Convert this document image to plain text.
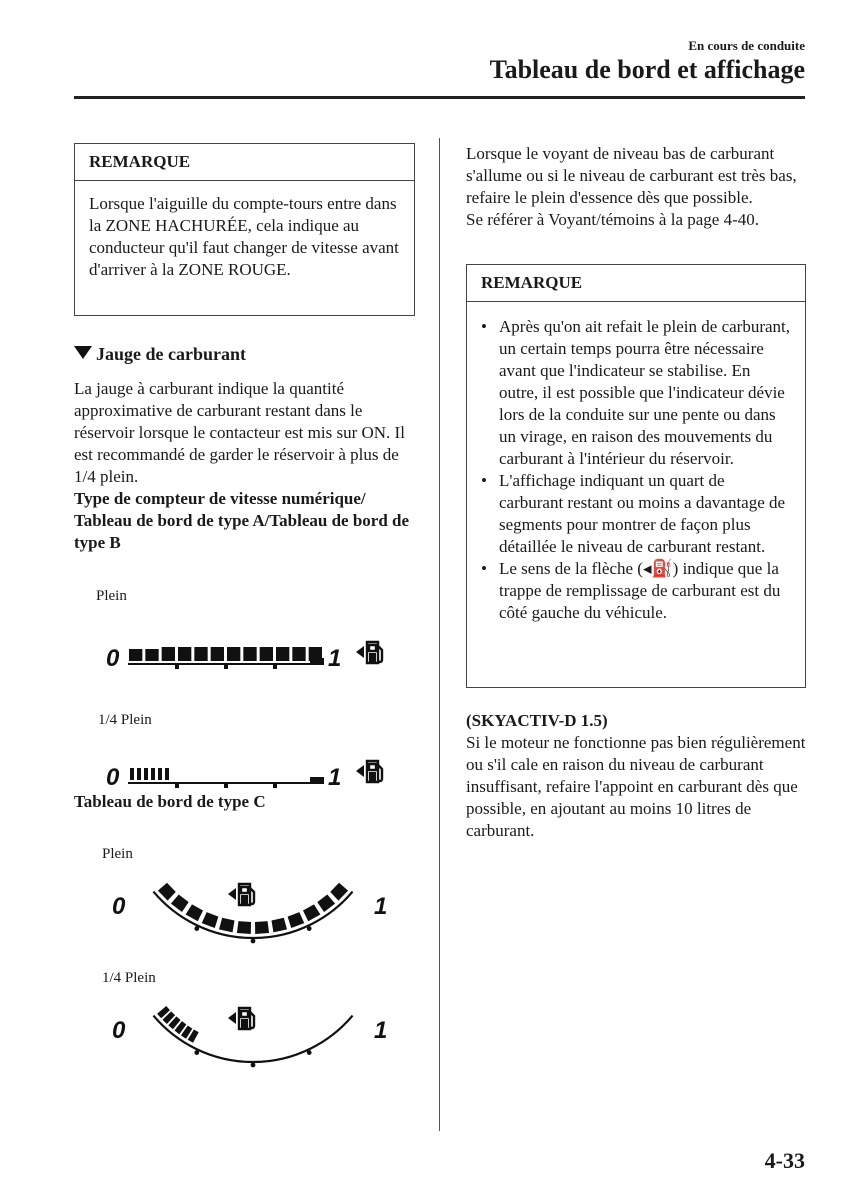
En cours de conduite
Tableau de bord et affichage
REMARQUE
Lorsque l'aiguille du compte-tours entre dans la ZONE HACHURÉE, cela indique au conducteur qu'il faut changer de vitesse avant d'arriver à la ZONE ROUGE.
Jauge de carburant

La jauge à carburant indique la quantité approximative de carburant restant dans le réservoir lorsque le contacteur est mis sur ON. Il est recommandé de garder le réservoir à plus de 1/4 plein.

Type de compteur de vitesse numérique/ Tableau de bord de type A/Tableau de bord de type B

Plein
0	1
1/4 Plein
0	1
Tableau de bord de type C
Plein
0	1
1/4 Plein
0	1

Lorsque le voyant de niveau bas de carburant s'allume ou si le niveau de carburant est très bas, refaire le plein d'essence dès que possible.

Se référer à Voyant/témoins à la page 4-40.

REMARQUE
• Après qu'on ait refait le plein de carburant, un certain temps pourra être nécessaire avant que l'indicateur se stabilise. En outre, il est possible que l'indicateur dévie lors de la conduite sur une pente ou dans un virage, en raison des mouvements du carburant à l'intérieur du réservoir.
• L'affichage indiquant un quart de carburant restant ou moins a davantage de segments pour montrer de façon plus détaillée le niveau de carburant restant.
• Le sens de la flèche (◂⛽) indique que la trappe de remplissage de carburant est du côté gauche du véhicule.

(SKYACTIV-D 1.5)

Si le moteur ne fonctionne pas bien régulièrement ou s'il cale en raison du niveau de carburant insuffisant, refaire l'appoint en carburant dès que possible, en ajoutant au moins 10 litres de carburant.

4-33
